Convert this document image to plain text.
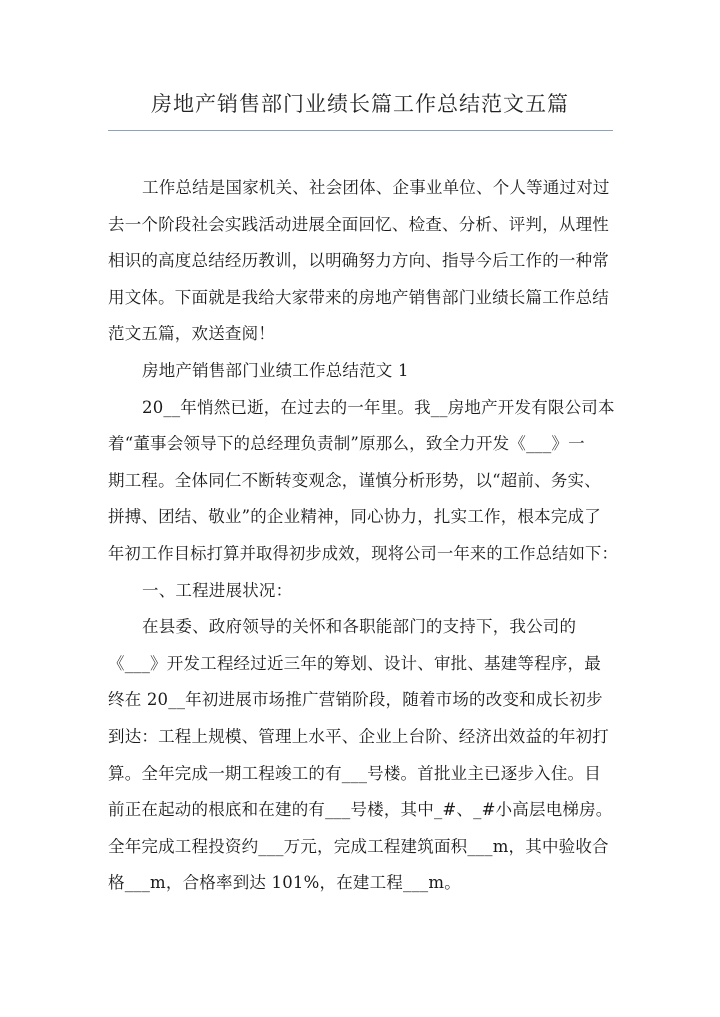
房地产销售部门业绩长篇工作总结范文五篇
工作总结是国家机关、社会团体、企事业单位、个人等通过对过
去一个阶段社会实践活动进展全面回忆、检查、分析、评判，从理性
相识的高度总结经历教训，以明确努力方向、指导今后工作的一种常
用文体。下面就是我给大家带来的房地产销售部门业绩长篇工作总结
范文五篇，欢送查阅！
房地产销售部门业绩工作总结范文 1
20__年悄然已逝，在过去的一年里。我__房地产开发有限公司本
着“董事会领导下的总经理负责制”原那么，致全力开发《___》一
期工程。全体同仁不断转变观念，谨慎分析形势，以“超前、务实、
拼搏、团结、敬业”的企业精神，同心协力，扎实工作，根本完成了
年初工作目标打算并取得初步成效，现将公司一年来的工作总结如下：
一、工程进展状况：
在县委、政府领导的关怀和各职能部门的支持下，我公司的
《___》开发工程经过近三年的筹划、设计、审批、基建等程序，最
终在 20__年初进展市场推广营销阶段，随着市场的改变和成长初步
到达：工程上规模、管理上水平、企业上台阶、经济出效益的年初打
算。全年完成一期工程竣工的有___号楼。首批业主已逐步入住。目
前正在起动的根底和在建的有___号楼，其中_#、_#小高层电梯房。
全年完成工程投资约___万元，完成工程建筑面积___m，其中验收合
格___m，合格率到达 101%，在建工程___m。
